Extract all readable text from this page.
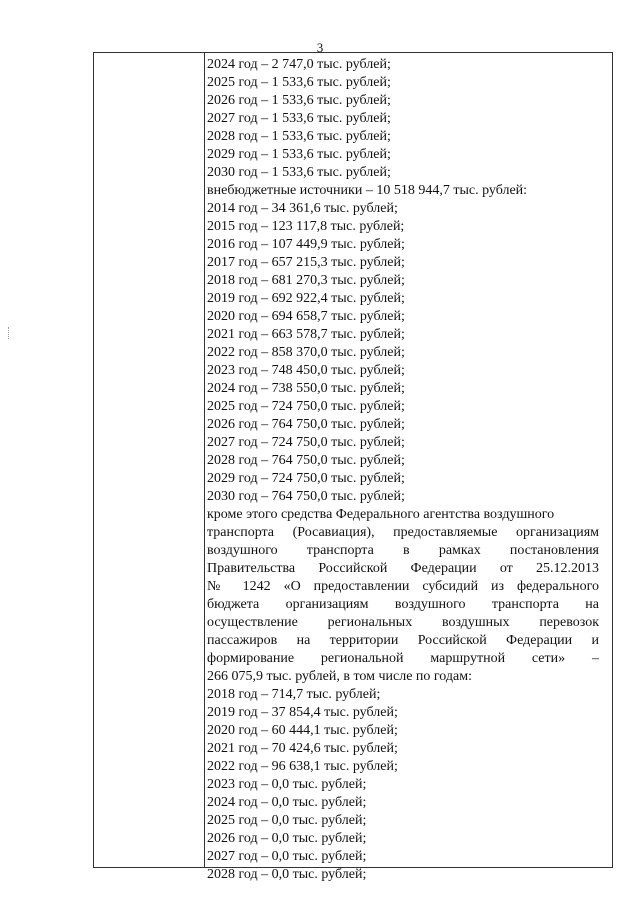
3
2024 год – 2 747,0 тыс. рублей;
2025 год – 1 533,6 тыс. рублей;
2026 год – 1 533,6 тыс. рублей;
2027 год – 1 533,6 тыс. рублей;
2028 год – 1 533,6 тыс. рублей;
2029 год – 1 533,6 тыс. рублей;
2030 год – 1 533,6 тыс. рублей;
внебюджетные источники – 10 518 944,7 тыс. рублей:
2014 год – 34 361,6 тыс. рублей;
2015 год – 123 117,8 тыс. рублей;
2016 год – 107 449,9 тыс. рублей;
2017 год – 657 215,3 тыс. рублей;
2018 год – 681 270,3 тыс. рублей;
2019 год – 692 922,4 тыс. рублей;
2020 год – 694 658,7 тыс. рублей;
2021 год – 663 578,7 тыс. рублей;
2022 год – 858 370,0 тыс. рублей;
2023 год – 748 450,0 тыс. рублей;
2024 год – 738 550,0 тыс. рублей;
2025 год – 724 750,0 тыс. рублей;
2026 год – 764 750,0 тыс. рублей;
2027 год – 724 750,0 тыс. рублей;
2028 год – 764 750,0 тыс. рублей;
2029 год – 724 750,0 тыс. рублей;
2030 год – 764 750,0 тыс. рублей;
кроме этого средства Федерального агентства воздушного
транспорта (Росавиация), предоставляемые организациям
воздушного транспорта в рамках постановления
Правительства Российской Федерации от 25.12.2013
№ 1242 «О предоставлении субсидий из федерального
бюджета организациям воздушного транспорта на
осуществление региональных воздушных перевозок
пассажиров на территории Российской Федерации и
формирование региональной маршрутной сети» –
266 075,9 тыс. рублей, в том числе по годам:
2018 год – 714,7 тыс. рублей;
2019 год – 37 854,4 тыс. рублей;
2020 год – 60 444,1 тыс. рублей;
2021 год – 70 424,6 тыс. рублей;
2022 год – 96 638,1 тыс. рублей;
2023 год – 0,0 тыс. рублей;
2024 год – 0,0 тыс. рублей;
2025 год – 0,0 тыс. рублей;
2026 год – 0,0 тыс. рублей;
2027 год – 0,0 тыс. рублей;
2028 год – 0,0 тыс. рублей;
